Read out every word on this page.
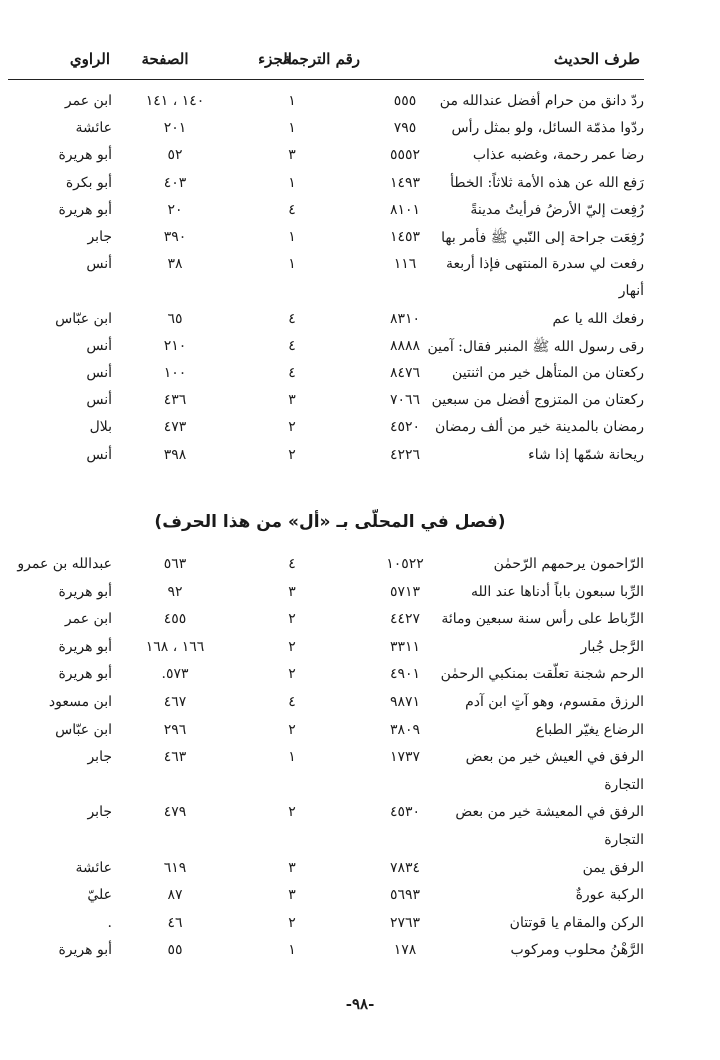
طرف الحديث
رقم الترجمة
الجزء
الصفحة
الراوي
ردّ دانق من حرام أفضل عندالله من
٥٥٥
١
١٤٠ ، ١٤١
ابن عمر
ردّوا مذمّة السائل، ولو بمثل رأس
٧٩٥
١
٢٠١
عائشة
رضا عمر رحمة، وغضبه عذاب
٥٥٥٢
٣
٥٢
أبو هريرة
رَفع الله عن هذه الأمة ثلاثاً: الخطأ
١٤٩٣
١
٤٠٣
أبو بكرة
رُفِعت إليّ الأرضُ فرأيتُ مدينةً
٨١٠١
٤
٢٠
أبو هريرة
رُفِعَت جراحة إلى النّبي ﷺ فأمر بها
١٤٥٣
١
٣٩٠
جابر
رفعت لي سدرة المنتهى فإذا أربعة
١١٦
١
٣٨
أنس
أنهار
رفعك الله يا عم
٨٣١٠
٤
٦٥
ابن عبّاس
رقى رسول الله ﷺ المنبر فقال: آمين
٨٨٨٨
٤
٢١٠
أنس
ركعتان من المتأهل خير من اثنتين
٨٤٧٦
٤
١٠٠
أنس
ركعتان من المتزوج أفضل من سبعين
٧٠٦٦
٣
٤٣٦
أنس
رمضان بالمدينة خير من ألف رمضان
٤٥٢٠
٢
٤٧٣
بلال
ريحانة شمّها إذا شاء
٤٢٢٦
٢
٣٩٨
أنس
(فصل في المحلّى بـ «أل» من هذا الحرف)
الرّاحمون يرحمهم الرّحمٰن
١٠٥٢٢
٤
٥٦٣
عبدالله بن عمرو
الرِّبا سبعون باباً أدناها عند الله
٥٧١٣
٣
٩٢
أبو هريرة
الرِّباط على رأس سنة سبعين ومائة
٤٤٢٧
٢
٤٥٥
ابن عمر
الرَّجل جُبار
٣٣١١
٢
١٦٦ ، ١٦٨
أبو هريرة
الرحم شجنة تعلّقت بمنكبي الرحمٰن
٤٩٠١
٢
٥٧٣.
أبو هريرة
الرزق مقسوم، وهو آتٍ ابن آدم
٩٨٧١
٤
٤٦٧
ابن مسعود
الرضاع يغيّر الطباع
٣٨٠٩
٢
٢٩٦
ابن عبّاس
الرفق في العيش خير من بعض
١٧٣٧
١
٤٦٣
جابر
التجارة
الرفق في المعيشة خير من بعض
٤٥٣٠
٢
٤٧٩
جابر
التجارة
الرفق يمن
٧٨٣٤
٣
٦١٩
عائشة
الركبة عورةٌ
٥٦٩٣
٣
٨٧
عليّ
الركن والمقام يا قوتتان
٢٧٦٣
٢
٤٦
.
الرَّهْنُ محلوب ومركوب
١٧٨
١
٥٥
أبو هريرة
-٩٨-
